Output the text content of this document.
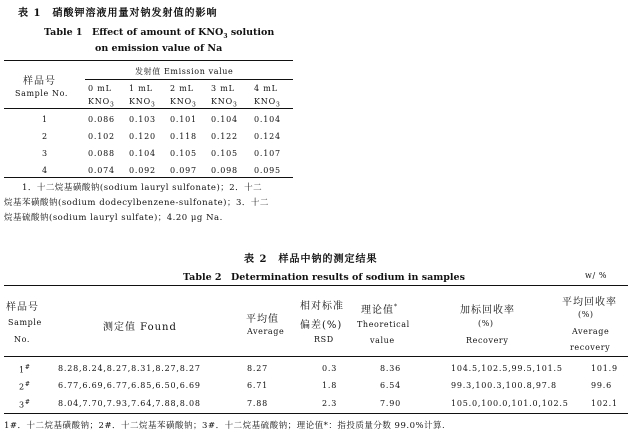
表 1　硝酸钾溶液用量对钠发射值的影响
Table 1　Effect of amount of $KNO_3$ solution
on emission value of Na
样品号
Sample No.
发射值 Emission value
0 mL
$KNO_3$
1 mL
$KNO_3$
2 mL
$KNO_3$
3 mL
$KNO_3$
4 mL
$KNO_3$
1	0.086 0.103 0.101 0.104 0.104
2	0.102 0.120 0.118 0.122 0.124
3	0.088 0.104 0.105 0.105 0.107
4	0.074 0.092 0.097 0.098 0.095
1．十二烷基磺酸钠(sodium lauryl sulfonate)；2．十二
烷基苯磺酸钠(sodium dodecylbenzene-sulfonate)；3．十二
烷基硫酸钠(sodium lauryl sulfate)；4.20 μg Na.
表 2　样品中钠的测定结果
Table 2　Determination results of sodium in samples	w/ %
样品号
Sample
No.
测定值 Found
平均值
Average
相对标准
偏差(%)
RSD
理论值*
Theoretical
value
加标回收率
(%)
Recovery
平均回收率
(%)
Average
recovery
1#	8.28,8.24,8.27,8.31,8.27,8.27	8.27	0.3	8.36	104.5,102.5,99.5,101.5	101.9
2#	6.77,6.69,6.77,6.85,6.50,6.69	6.71	1.8	6.54	99.3,100.3,100.8,97.8	99.6
3#	8.04,7.70,7.93,7.64,7.88,8.08	7.88	2.3	7.90	105.0,100.0,101.0,102.5	102.1
1#．十二烷基磺酸钠；2#．十二烷基苯磺酸钠；3#．十二烷基硫酸钠；理论值*：指投质量分数 99.0%计算.
